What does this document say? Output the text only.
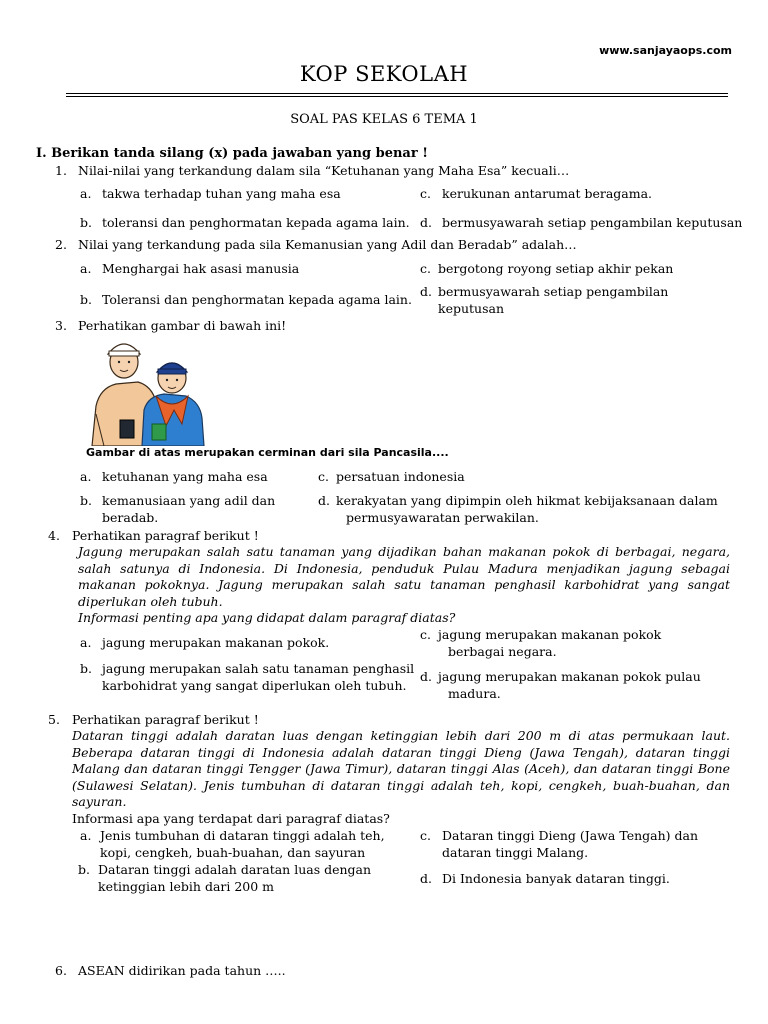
www.sanjayaops.com
KOP SEKOLAH
SOAL PAS KELAS 6 TEMA 1
I. Berikan tanda silang (x) pada jawaban yang benar !
1. Nilai-nilai yang terkandung dalam sila “Ketuhanan yang Maha Esa” kecuali…
a. takwa terhadap tuhan yang maha esa
b. toleransi dan penghormatan kepada agama lain.
c. kerukunan antarumat beragama.
d. bermusyawarah setiap pengambilan keputusan
2. Nilai yang terkandung pada sila Kemanusian yang Adil dan Beradab” adalah…
a. Menghargai hak asasi manusia
b. Toleransi dan penghormatan kepada agama lain.
c. bergotong royong setiap akhir pekan
d. bermusyawarah setiap pengambilan
keputusan
3. Perhatikan gambar di bawah ini!
Gambar di atas merupakan cerminan dari sila Pancasila....
a. ketuhanan yang maha esa
b. kemanusiaan yang adil dan
beradab.
c. persatuan indonesia
d. kerakyatan yang dipimpin oleh hikmat kebijaksanaan dalam
permusyawaratan perwakilan.
4. Perhatikan paragraf berikut !
Jagung merupakan salah satu tanaman yang dijadikan bahan makanan pokok di berbagai, negara, salah satunya di Indonesia. Di Indonesia, penduduk Pulau Madura menjadikan jagung sebagai makanan pokoknya. Jagung merupakan salah satu tanaman penghasil karbohidrat yang sangat diperlukan oleh tubuh.
Informasi penting apa yang didapat dalam paragraf diatas?
a. jagung merupakan makanan pokok.
b. jagung merupakan salah satu tanaman penghasil
karbohidrat yang sangat diperlukan oleh tubuh.
c. jagung merupakan makanan pokok
berbagai negara.
d. jagung merupakan makanan pokok pulau
madura.
5. Perhatikan paragraf berikut !
Dataran tinggi adalah daratan luas dengan ketinggian lebih dari 200 m di atas permukaan laut. Beberapa dataran tinggi di Indonesia adalah dataran tinggi Dieng (Jawa Tengah), dataran tinggi Malang dan dataran tinggi Tengger (Jawa Timur), dataran tinggi Alas (Aceh), dan dataran tinggi Bone (Sulawesi Selatan). Jenis tumbuhan di dataran tinggi adalah teh, kopi, cengkeh, buah-buahan, dan sayuran.
Informasi apa yang terdapat dari paragraf diatas?
a. Jenis tumbuhan di dataran tinggi adalah teh,
kopi, cengkeh, buah-buahan, dan sayuran
b. Dataran tinggi adalah daratan luas dengan
ketinggian lebih dari 200 m
c. Dataran tinggi Dieng (Jawa Tengah) dan
dataran tinggi Malang.
d. Di Indonesia banyak dataran tinggi.
6. ASEAN didirikan pada tahun …..
